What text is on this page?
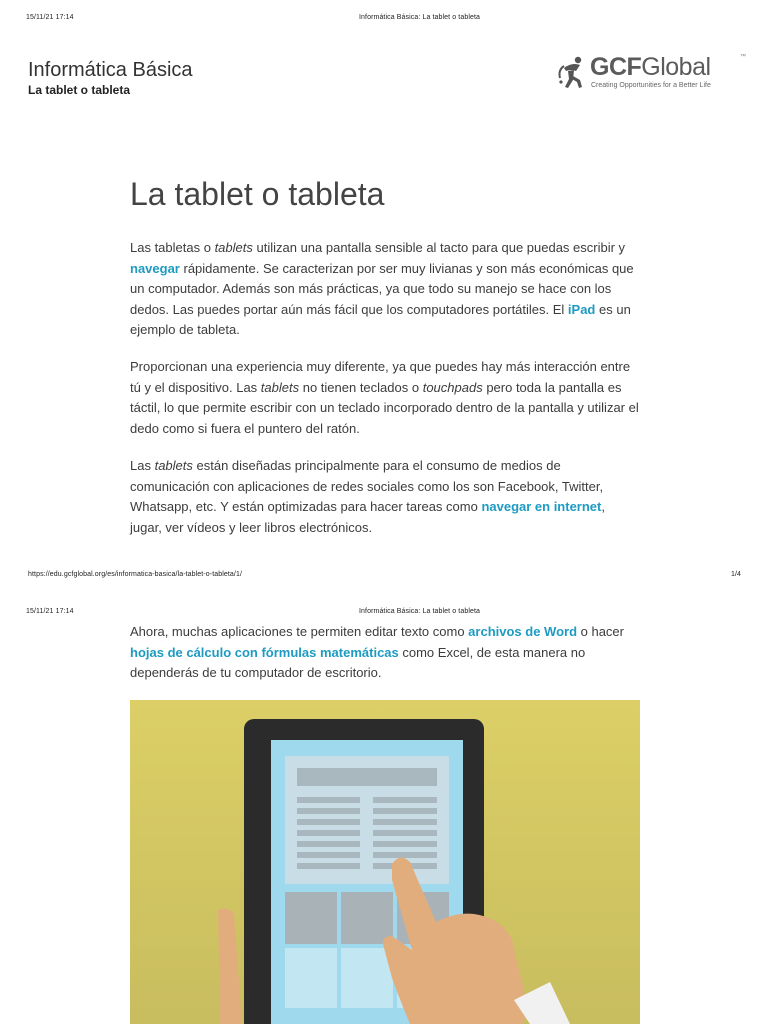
15/11/21 17:14	Informática Básica: La tablet o tableta
Informática Básica
La tablet o tableta
GCFGlobal	™
Creating Opportunities for a Better Life
La tablet o tableta

Las tabletas o tablets utilizan una pantalla sensible al tacto para que puedas escribir y navegar rápidamente. Se caracterizan por ser muy livianas y son más económicas que un computador. Además son más prácticas, ya que todo su manejo se hace con los dedos. Las puedes portar aún más fácil que los computadores portátiles. El iPad es un ejemplo de tableta.

Proporcionan una experiencia muy diferente, ya que puedes hay más interacción entre tú y el dispositivo. Las tablets no tienen teclados o touchpads pero toda la pantalla es táctil, lo que permite escribir con un teclado incorporado dentro de la pantalla y utilizar el dedo como si fuera el puntero del ratón.

Las tablets están diseñadas principalmente para el consumo de medios de comunicación con aplicaciones de redes sociales como los son Facebook, Twitter, Whatsapp, etc. Y están optimizadas para hacer tareas como navegar en internet, jugar, ver vídeos y leer libros electrónicos.

https://edu.gcfglobal.org/es/informatica-basica/la-tablet-o-tableta/1/	1/4
15/11/21 17:14	Informática Básica: La tablet o tableta

Ahora, muchas aplicaciones te permiten editar texto como archivos de Word o hacer hojas de cálculo con fórmulas matemáticas como Excel, de esta manera no dependerás de tu computador de escritorio.
